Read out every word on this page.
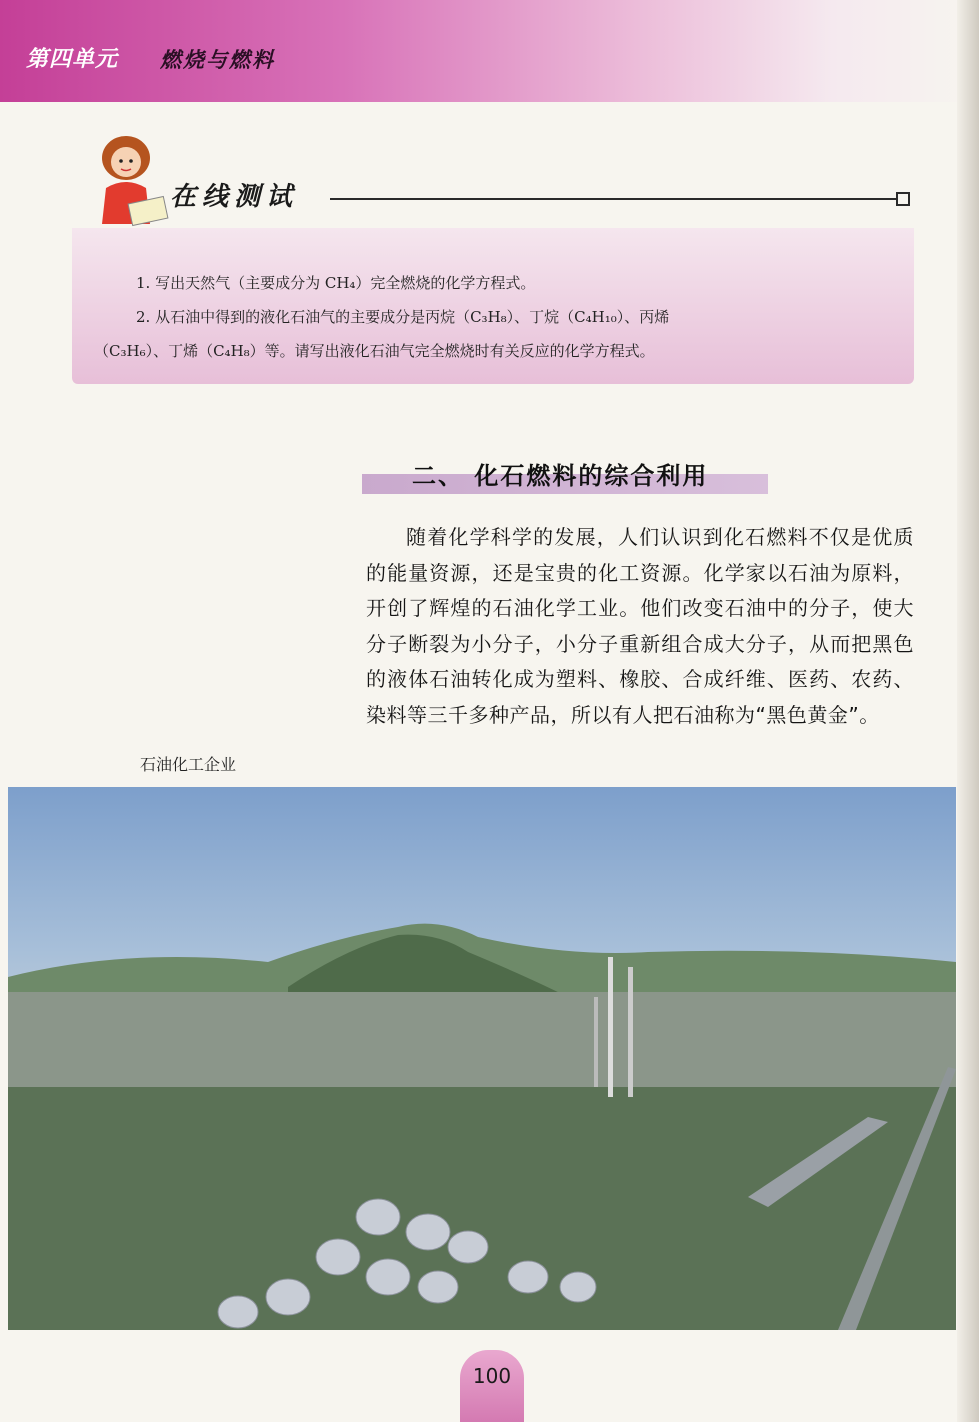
第四单元 燃烧与燃料
在线测试
1. 写出天然气（主要成分为 CH₄）完全燃烧的化学方程式。
2. 从石油中得到的液化石油气的主要成分是丙烷（C₃H₈）、丁烷（C₄H₁₀）、丙烯
（C₃H₆）、丁烯（C₄H₈）等。请写出液化石油气完全燃烧时有关反应的化学方程式。
二、 化石燃料的综合利用
随着化学科学的发展，人们认识到化石燃料不仅是优质的能量资源，还是宝贵的化工资源。化学家以石油为原料，开创了辉煌的石油化学工业。他们改变石油中的分子，使大分子断裂为小分子，小分子重新组合成大分子，从而把黑色的液体石油转化成为塑料、橡胶、合成纤维、医药、农药、染料等三千多种产品，所以有人把石油称为“黑色黄金”。
石油化工企业
100
